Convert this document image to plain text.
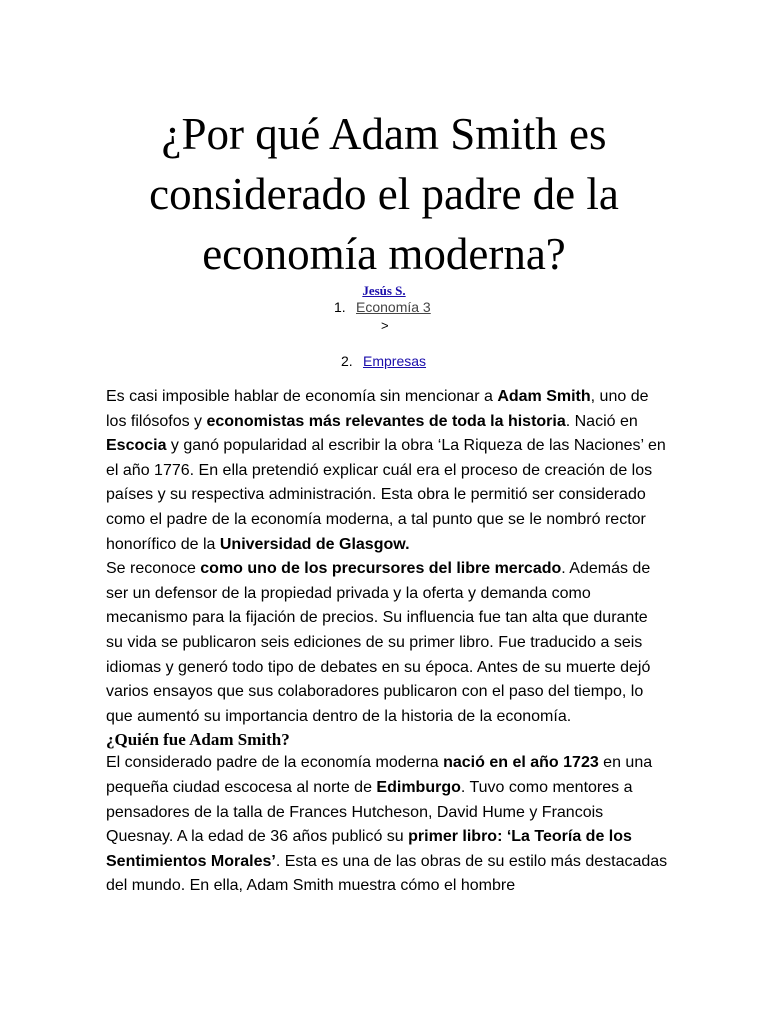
¿Por qué Adam Smith es considerado el padre de la economía moderna?
Jesús S.
1. Economía 3
2. Empresas
>

Es casi imposible hablar de economía sin mencionar a Adam Smith, uno de los filósofos y economistas más relevantes de toda la historia. Nació en Escocia y ganó popularidad al escribir la obra ‘La Riqueza de las Naciones’ en el año 1776. En ella pretendió explicar cuál era el proceso de creación de los países y su respectiva administración. Esta obra le permitió ser considerado como el padre de la economía moderna, a tal punto que se le nombró rector honorífico de la Universidad de Glasgow.

Se reconoce como uno de los precursores del libre mercado. Además de ser un defensor de la propiedad privada y la oferta y demanda como mecanismo para la fijación de precios. Su influencia fue tan alta que durante su vida se publicaron seis ediciones de su primer libro. Fue traducido a seis idiomas y generó todo tipo de debates en su época. Antes de su muerte dejó varios ensayos que sus colaboradores publicaron con el paso del tiempo, lo que aumentó su importancia dentro de la historia de la economía.

¿Quién fue Adam Smith?

El considerado padre de la economía moderna nació en el año 1723 en una pequeña ciudad escocesa al norte de Edimburgo. Tuvo como mentores a pensadores de la talla de Frances Hutcheson, David Hume y Francois Quesnay. A la edad de 36 años publicó su primer libro: ‘La Teoría de los Sentimientos Morales’. Esta es una de las obras de su estilo más destacadas del mundo. En ella, Adam Smith muestra cómo el hombre
